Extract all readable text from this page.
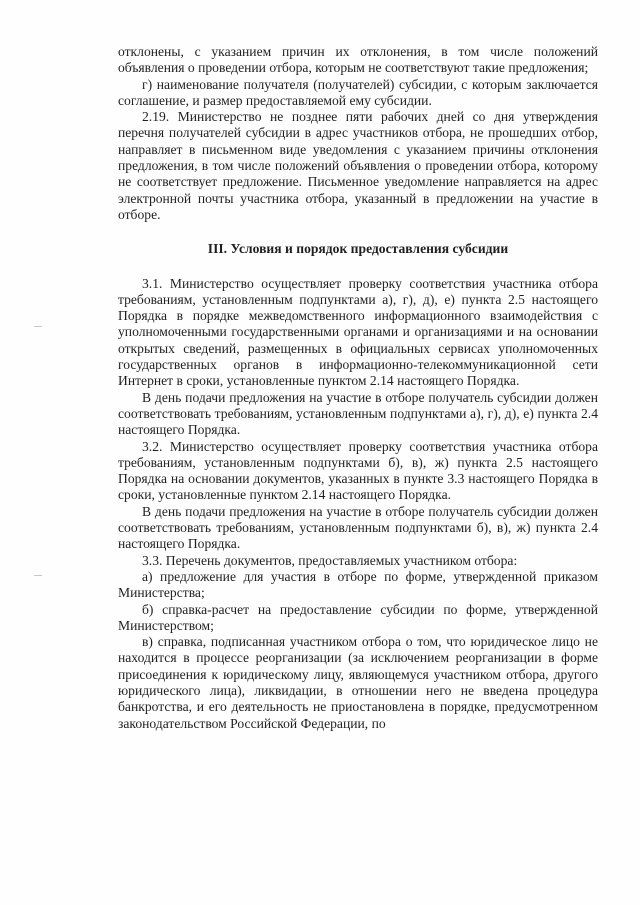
отклонены, с указанием причин их отклонения, в том числе положений объявления о проведении отбора, которым не соответствуют такие предложения;

г) наименование получателя (получателей) субсидии, с которым заключается соглашение, и размер предоставляемой ему субсидии.

2.19. Министерство не позднее пяти рабочих дней со дня утверждения перечня получателей субсидии в адрес участников отбора, не прошедших отбор, направляет в письменном виде уведомления с указанием причины отклонения предложения, в том числе положений объявления о проведении отбора, которому не соответствует предложение. Письменное уведомление направляется на адрес электронной почты участника отбора, указанный в предложении на участие в отборе.

III. Условия и порядок предоставления субсидии

3.1. Министерство осуществляет проверку соответствия участника отбора требованиям, установленным подпунктами а), г), д), е) пункта 2.5 настоящего Порядка в порядке межведомственного информационного взаимодействия с уполномоченными государственными органами и организациями и на основании открытых сведений, размещенных в официальных сервисах уполномоченных государственных органов в информационно-телекоммуникационной сети Интернет в сроки, установленные пунктом 2.14 настоящего Порядка.

В день подачи предложения на участие в отборе получатель субсидии должен соответствовать требованиям, установленным подпунктами а), г), д), е) пункта 2.4 настоящего Порядка.

3.2. Министерство осуществляет проверку соответствия участника отбора требованиям, установленным подпунктами б), в), ж) пункта 2.5 настоящего Порядка на основании документов, указанных в пункте 3.3 настоящего Порядка в сроки, установленные пунктом 2.14 настоящего Порядка.

В день подачи предложения на участие в отборе получатель субсидии должен соответствовать требованиям, установленным подпунктами б), в), ж) пункта 2.4 настоящего Порядка.

3.3. Перечень документов, предоставляемых участником отбора:

а) предложение для участия в отборе по форме, утвержденной приказом Министерства;

б) справка-расчет на предоставление субсидии по форме, утвержденной Министерством;

в) справка, подписанная участником отбора о том, что юридическое лицо не находится в процессе реорганизации (за исключением реорганизации в форме присоединения к юридическому лицу, являющемуся участником отбора, другого юридического лица), ликвидации, в отношении него не введена процедура банкротства, и его деятельность не приостановлена в порядке, предусмотренном законодательством Российской Федерации, по
